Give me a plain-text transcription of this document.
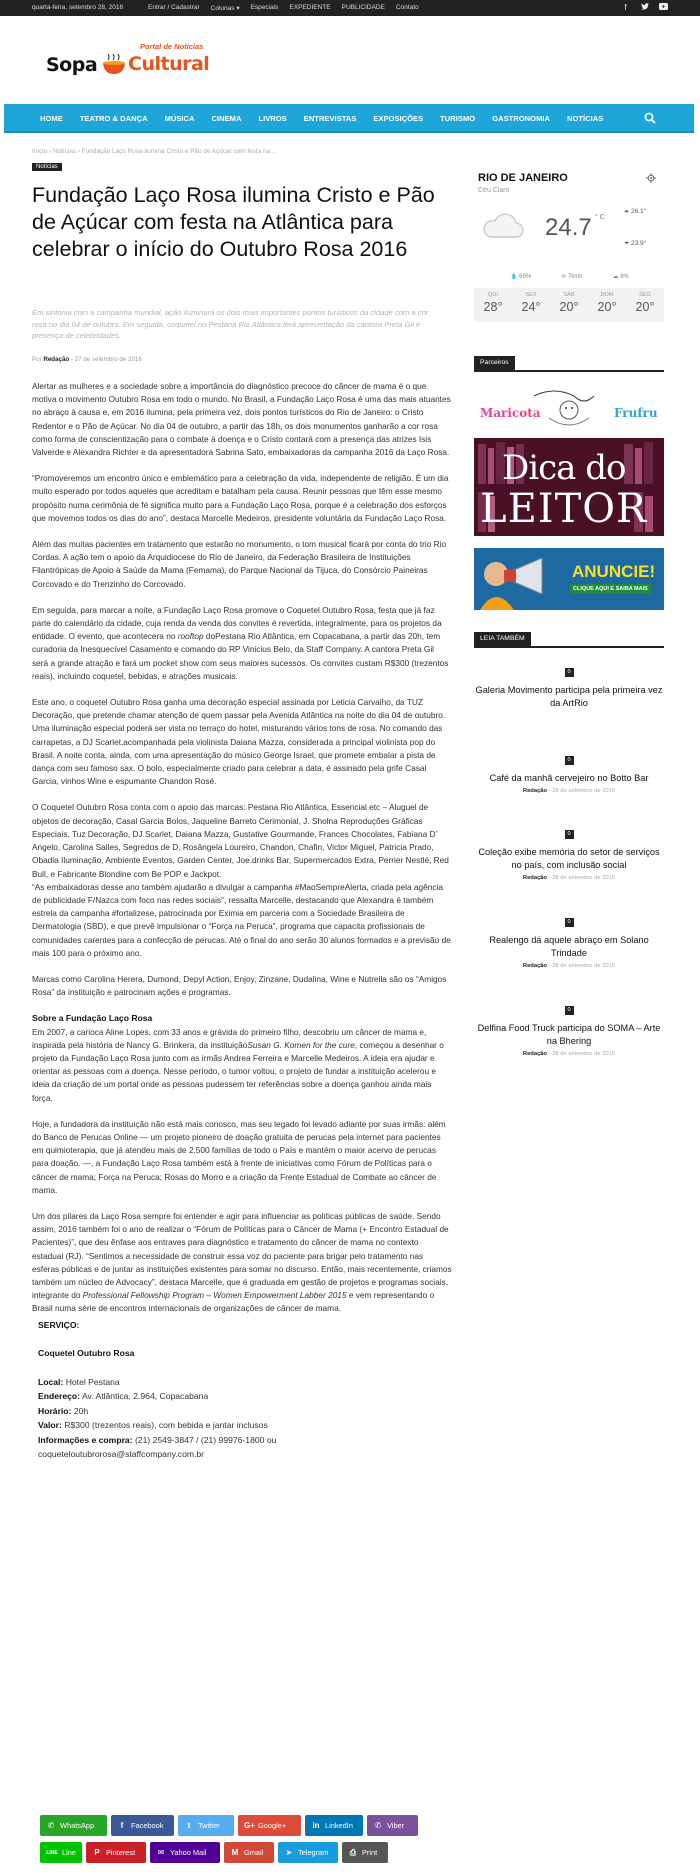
quarta-feira, setembro 28, 2016	Entrar / Cadastrar Colunas ▾ Especiais EXPEDIENTE PUBLICIDADE Contato	f
Sopa Cultural
Portal de Notícias
HOME TEATRO & DANÇA MÚSICA CINEMA LIVROS ENTREVISTAS EXPOSIÇÕES TURISMO GASTRONOMIA NOTÍCIAS
Início › Notícias › Fundação Laço Rosa ilumina Cristo e Pão de Açúcar com festa na...
Notícias
Fundação Laço Rosa ilumina Cristo e Pão de Açúcar com festa na Atlântica para celebrar o início do Outubro Rosa 2016
Em sintonia com a campanha mundial, ação iluminará os dois mais importantes pontos turísticos da cidade com a cor rosa no dia 04 de outubro. Em seguida, coquetel no Pestana Rio Atlântica terá apresentação da cantora Preta Gil e presença de celebridades.
Por Redação - 27 de setembro de 2016

Alertar as mulheres e a sociedade sobre a importância do diagnóstico precoce do câncer de mama é o que motiva o movimento Outubro Rosa em todo o mundo. No Brasil, a Fundação Laço Rosa é uma das mais atuantes no abraço à causa e, em 2016 ilumina, pela primeira vez, dois pontos turísticos do Rio de Janeiro: o Cristo Redentor e o Pão de Açúcar. No dia 04 de outubro, a partir das 18h, os dois monumentos ganharão a cor rosa como forma de conscientização para o combate à doença e o Cristo contará com a presença das atrizes Isis Valverde e Alexandra Richter e da apresentadora Sabrina Sato, embaixadoras da campanha 2016 da Laço Rosa.

“Promoveremos um encontro único e emblemático para a celebração da vida, independente de religião. É um dia muito esperado por todos aqueles que acreditam e batalham pela causa. Reunir pessoas que têm esse mesmo propósito numa cerimônia de fé significa muito para a Fundação Laço Rosa, porque é a celebração dos esforços que movemos todos os dias do ano”, destaca Marcelle Medeiros, presidente voluntária da Fundação Laço Rosa.

Além das muitas pacientes em tratamento que estarão no monumento, o tom musical ficará por conta do trio Rio Cordas. A ação tem o apoio da Arquidiocese do Rio de Janeiro, da Federação Brasileira de Instituições Filantrópicas de Apoio à Saúde da Mama (Femama), do Parque Nacional da Tijuca, do Consórcio Paineiras Corcovado e do Trenzinho do Corcovado.

Em seguida, para marcar a noite, a Fundação Laço Rosa promove o Coquetel Outubro Rosa, festa que já faz parte do calendário da cidade, cuja renda da venda dos convites é revertida, integralmente, para os projetos da entidade. O evento, que acontecera no rooftop doPestana Rio Atlântica, em Copacabana, a partir das 20h, tem curadoria da Inesquecível Casamento e comando do RP Vinicius Belo, da Staff Company. A cantora Preta Gil será a grande atração e fará um pocket show com seus maiores sucessos. Os convites custam R$300 (trezentos reais), incluindo coquetel, bebidas, e atrações musicais.

Este ano, o coquetel Outubro Rosa ganha uma decoração especial assinada por Leticia Carvalho, da TUZ Decoração, que pretende chamar atenção de quem passar pela Avenida Atlântica na noite do dia 04 de outubro. Uma iluminação especial poderá ser vista no terraço do hotel, misturando vários tons de rosa. No comando das carrapetas, a DJ Scarlet,acompanhada pela violinista Daiana Mazza, considerada a principal violinista pop do Brasil. A noite conta, ainda, com uma apresentação do músico George Israel, que promete embalar a pista de dança com seu famoso sax. O bolo, especialmente criado para celebrar a data, é assinado pela grife Casal Garcia, vinhos Wine e espumante Chandon Rosé.

O Coquetel Outubro Rosa conta com o apoio das marcas: Pestana Rio Atlântica, Essencial etc – Aluguel de objetos de decoração, Casal Garcia Bolos, Jaqueline Barreto Cerimonial, J. Sholna Reproduções Gráficas Especiais, Tuz Decoração, DJ Scarlet, Daiana Mazza, Gustative Gourmande, Frances Chocolates, Fabiana D’ Angelo, Carolina Salles, Segredos de D, Rosângela Loureiro, Chandon, Chafin, Victor Miguel, Patricia Prado, Obadia Iluminação, Ambiente Eventos, Garden Center, Joe.drinks Bar, Supermercados Extra, Perrier Nestlé, Red Bull, e Fabricante Blondine com Be POP e Jackpot.

“As embaixadoras desse ano também ajudarão a divulgar a campanha #MaoSempreAlerta, criada pela agência de publicidade F/Nazca com foco nas redes sociais”, ressalta Marcelle, destacando que Alexandra é também estrela da campanha #fortalizese, patrocinada por Eximia em parceria com a Sociedade Brasileira de Dermatologia (SBD), e que prevê impulsionar o “Força na Peruca”, programa que capacita profissionais de comunidades carentes para a confecção de perucas. Até o final do ano serão 30 alunos formados e a previsão de mais 100 para o próximo ano.

Marcas como Carolina Herera, Dumond, Depyl Action, Enjoy, Zinzane, Dudalina, Wine e Nutrella são os “Amigos Rosa” da instituição e patrocinam ações e programas.

Sobre a Fundação Laço Rosa

Em 2007, a carioca Aline Lopes, com 33 anos e grávida do primeiro filho, descobriu um câncer de mama e, inspirada pela história de Nancy G. Brinkera, da instituiçãoSusan G. Komen for the cure, começou a desenhar o projeto da Fundação Laço Rosa junto com as irmãs Andrea Ferreira e Marcelle Medeiros. A ideia era ajudar e orientar as pessoas com a doença. Nesse período, o tumor voltou, o projeto de fundar a instituição acelerou e ideia da criação de um portal onde as pessoas pudessem ter referências sobre a doença ganhou ainda mais força.

Hoje, a fundadora da instituição não está mais conosco, mas seu legado foi levado adiante por suas irmãs: além do Banco de Perucas Online — um projeto pioneiro de doação gratuita de perucas pela internet para pacientes em quimioterapia, que já atendeu mais de 2.500 famílias de todo o País e mantém o maior acervo de perucas para doação. —, a Fundação Laço Rosa também está à frente de iniciativas como Fórum de Políticas para o câncer de mama; Força na Peruca; Rosas do Morro e a criação da Frente Estadual de Combate ao câncer de mama.

Um dos pilares da Laço Rosa sempre foi entender e agir para influenciar as políticas públicas de saúde. Sendo assim, 2016 também foi o ano de realizar o “Fórum de Políticas para o Câncer de Mama (+ Encontro Estadual de Pacientes)”, que deu ênfase aos entraves para diagnóstico e tratamento do câncer de mama no contexto estadual (RJ). “Sentimos a necessidade de construir essa voz do paciente para brigar pelo tratamento nas esferas públicas e de juntar as instituições existentes para somar no discurso. Então, mais recentemente, criamos também um núcleo de Advocacy”, destaca Marcelle, que é graduada em gestão de projetos e programas sociais, integrante do Professional Fellowship Program – Women Empowerment Labber 2015 e vem representando o Brasil numa série de encontros internacionais de organizações de câncer de mama.

SERVIÇO:
Coquetel Outubro Rosa
Local: Hotel Pestana
Endereço: Av. Atlântica, 2.964, Copacabana
Horário: 20h
Valor: R$300 (trezentos reais), com bebida e jantar inclusos
Informações e compra: (21) 2549-3847 / (21) 99976-1800 ou
coqueteloutubrorosa@staffcompany.com.br
✆ WhatsApp	f	Facebook	t	Twitter	G+ Google+	in LinkedIn	✆ Viber
LINE Line P Pinterest	✉ Yahoo Mail	M Gmail	➤ Telegram	⎙ Print
RIO DE JANEIRO
Céu Claro
24.7 ° C
⏶ 26.1°
⏷ 23.9°
💧 69%	≋ 7kmh	☁ 8%
QUI
28°
SEX
24°
SÁB
20°
DOM
20°
SEG
20°
Parceiros
Maricota	Frufru
Dica do
LEITOR
ANUNCIE!
CLIQUE AQUI E SAIBA MAIS
LEIA TAMBÉM
0
Galeria Movimento participa pela primeira vez da ArtRio
0
Café da manhã cervejeiro no Botto Bar
Redação - 28 de setembro de 2016
0
Coleção exibe memória do setor de serviços no país, com inclusão social
Redação - 28 de setembro de 2016
0
Realengo dá aquele abraço em Solano Trindade
Redação - 28 de setembro de 2016
0
Delfina Food Truck participa do SOMA – Arte na Bhering
Redação - 28 de setembro de 2016
